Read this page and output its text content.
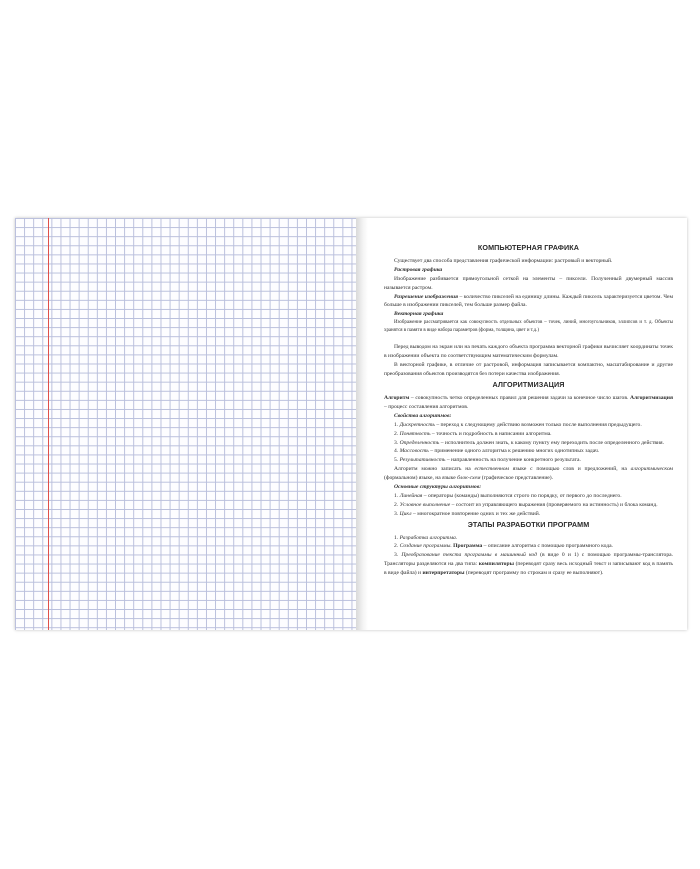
КОМПЬЮТЕРНАЯ ГРАФИКА

Существует два способа представления графической информации: растровый и векторный.

Растровая графика

Изображение разбивается прямоугольной сеткой на элементы – пиксели. Полученный двумерный массив называется растром.

Разрешение изображения – количество пикселей на единицу длины. Каждый пиксель характеризуется цветом. Чем больше в изображении пикселей, тем больше размер файла.

Векторная графика

Изображение рассматривается как совокупность отдельных объектов – точек, линий, многоугольников, эллипсов и т. д. Объекты хранятся в памяти в виде набора параметров (форма, толщина, цвет и т.д.)

Перед выводом на экран или на печать каждого объекта программа векторной графики вычисляет координаты точек в изображении объекта по соответствующим математическим формулам.

В векторной графике, в отличие от растровой, информация записывается компактно, масштабирование и другие преобразования объектов производятся без потери качества изображения.

АЛГОРИТМИЗАЦИЯ

Алгоритм – совокупность четко определенных правил для решения задачи за конечное число шагов. Алгоритмизация – процесс составления алгоритмов.

Свойства алгоритмов:

1. Дискретность – переход к следующему действию возможен только после выполнения предыдущего.

2. Понятность – точность и подробность в написании алгоритма.

3. Определенность – исполнитель должен знать, к какому пункту ему переходить после определенного действия.

4. Массовость – применение одного алгоритма к решению многих однотипных задач.

5. Результативность – направленность на получение конкретного результата.

Алгоритм можно записать на естественном языке с помощью слов и предложений, на алгоритмическом (формальном) языке, на языке блок-схем (графическое представление).

Основные структуры алгоритмов:

1. Линейная – операторы (команды) выполняются строго по порядку, от первого до последнего.

2. Условное выполнение – состоит из управляющего выражения (проверяемого на истинность) и блока команд.

3. Цикл – многократное повторение одних и тех же действий.

ЭТАПЫ РАЗРАБОТКИ ПРОГРАММ

1. Разработка алгоритма.

2. Создание программы. Программа – описание алгоритма с помощью программного кода.

3. Преобразование текста программы в машинный код (в виде 0 и 1) с помощью программы-транслятора. Трансляторы разделяются на два типа: компиляторы (переводят сразу весь исходный текст и записывают код в память в виде файла) и интерпретаторы (переводят программу по строкам и сразу ее выполняют).
